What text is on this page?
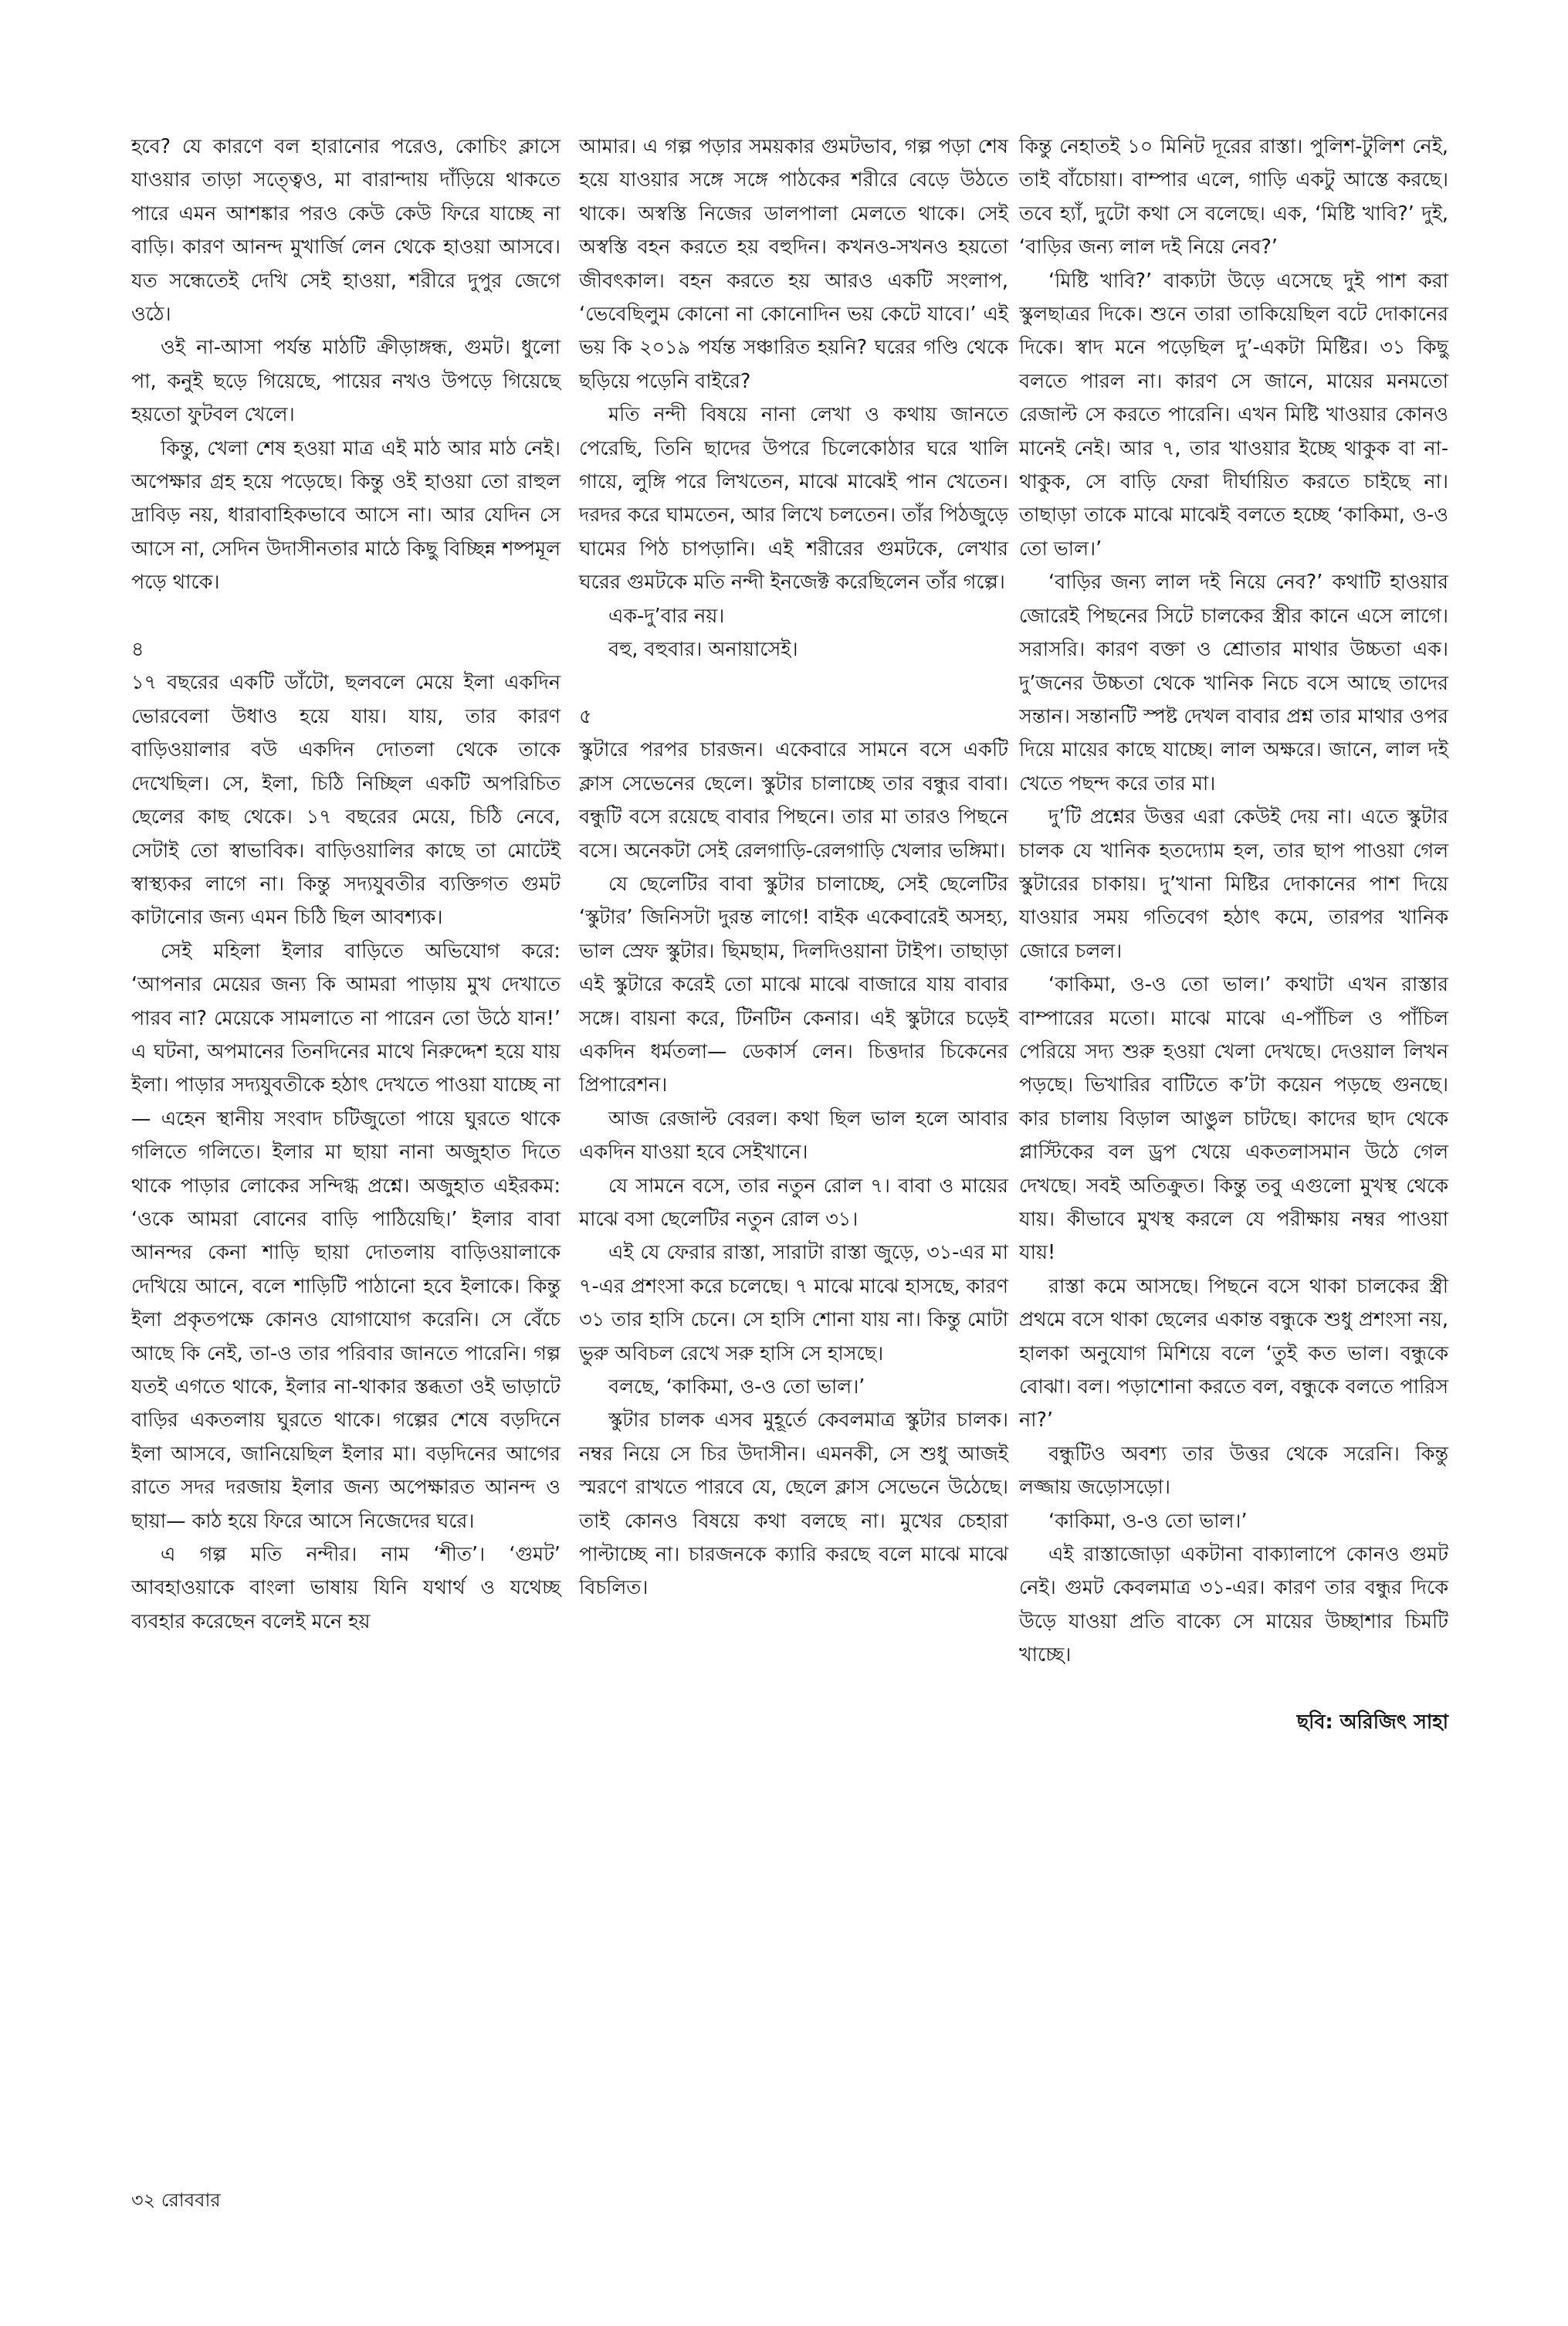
হবে? যে কারণে বল হারানোর পরেও, কোচিং ক্লাসে যাওয়ার তাড়া সত্ত্বেও, মা বারান্দায় দাঁড়িয়ে থাকতে পারে এমন আশঙ্কার পরও কেউ কেউ ফিরে যাচ্ছে না বাড়ি। কারণ আনন্দ মুখার্জি লেন থেকে হাওয়া আসবে। যত সন্ধেতেই দেখি সেই হাওয়া, শরীরে দুপুর জেগে ওঠে।

ওই না-আসা পর্যন্ত মাঠটি ক্রীড়াঙ্গন্ধ, গুমট। ধুলো পা, কনুই ছড়ে গিয়েছে, পায়ের নখও উপড়ে গিয়েছে হয়তো ফুটবল খেলে।

কিন্তু, খেলা শেষ হওয়া মাত্র এই মাঠ আর মাঠ নেই। অপেক্ষার গ্রহ হয়ে পড়েছে। কিন্তু ওই হাওয়া তো রাহুল দ্রাবিড় নয়, ধারাবাহিকভাবে আসে না। আর যেদিন সে আসে না, সেদিন উদাসীনতার মাঠে কিছু বিচ্ছিন্ন শষ্পমূল পড়ে থাকে।

৪

১৭ বছরের একটি ডাঁটো, ছলবলে মেয়ে ইলা একদিন ভোরবেলা উধাও হয়ে যায়। যায়, তার কারণ বাড়িওয়ালার বউ একদিন দোতলা থেকে তাকে দেখেছিল। সে, ইলা, চিঠি নিচ্ছিল একটি অপরিচিত ছেলের কাছ থেকে। ১৭ বছরের মেয়ে, চিঠি নেবে, সেটাই তো স্বাভাবিক। বাড়িওয়ালির কাছে তা মোটেই স্বাস্থ্যকর লাগে না। কিন্তু সদ্যযুবতীর ব্যক্তিগত গুমট কাটানোর জন্য এমন চিঠি ছিল আবশ্যক।

সেই মহিলা ইলার বাড়িতে অভিযোগ করে: ‘আপনার মেয়ের জন্য কি আমরা পাড়ায় মুখ দেখাতে পারব না? মেয়েকে সামলাতে না পারেন তো উঠে যান!’ এ ঘটনা, অপমানের তিনদিনের মাথে নিরুদ্দেশ হয়ে যায় ইলা। পাড়ার সদ্যযুবতীকে হঠাৎ দেখতে পাওয়া যাচ্ছে না— এহেন স্থানীয় সংবাদ চটিজুতো পায়ে ঘুরতে থাকে গলিতে গলিতে। ইলার মা ছায়া নানা অজুহাত দিতে থাকে পাড়ার লোকের সন্দিগ্ধ প্রশ্নে। অজুহাত এইরকম: ‘ওকে আমরা বোনের বাড়ি পাঠিয়েছি।’ ইলার বাবা আনন্দর কেনা শাড়ি ছায়া দোতলায় বাড়িওয়ালাকে দেখিয়ে আনে, বলে শাড়িটি পাঠানো হবে ইলাকে। কিন্তু ইলা প্রকৃতপক্ষে কোনও যোগাযোগ করেনি। সে বেঁচে আছে কি নেই, তা-ও তার পরিবার জানতে পারেনি। গল্প যতই এগতে থাকে, ইলার না-থাকার স্তব্ধতা ওই ভাড়াটে বাড়ির একতলায় ঘুরতে থাকে। গল্পের শেষে বড়দিনে ইলা আসবে, জানিয়েছিল ইলার মা। বড়দিনের আগের রাতে সদর দরজায় ইলার জন্য অপেক্ষারত আনন্দ ও ছায়া— কাঠ হয়ে ফিরে আসে নিজেদের ঘরে।

এ গল্প মতি নন্দীর। নাম ‘শীত’। ‘গুমট’ আবহাওয়াকে বাংলা ভাষায় যিনি যথার্থ ও যথেচ্ছ ব্যবহার করেছেন বলেই মনে হয়

আমার। এ গল্প পড়ার সময়কার গুমটভাব, গল্প পড়া শেষ হয়ে যাওয়ার সঙ্গে সঙ্গে পাঠকের শরীরে বেড়ে উঠতে থাকে। অস্বস্তি নিজের ডালপালা মেলতে থাকে। সেই অস্বস্তি বহন করতে হয় বহুদিন। কখনও-সখনও হয়তো জীবৎকাল। বহন করতে হয় আরও একটি সংলাপ, ‘ভেবেছিলুম কোনো না কোনোদিন ভয় কেটে যাবে।’ এই ভয় কি ২০১৯ পর্যন্ত সঞ্চারিত হয়নি? ঘরের গণ্ডি থেকে ছড়িয়ে পড়েনি বাইরে?

মতি নন্দী বিষয়ে নানা লেখা ও কথায় জানতে পেরেছি, তিনি ছাদের উপরে চিলেকোঠার ঘরে খালি গায়ে, লুঙ্গি পরে লিখতেন, মাঝে মাঝেই পান খেতেন। দরদর করে ঘামতেন, আর লিখে চলতেন। তাঁর পিঠজুড়ে ঘামের পিঠ চাপড়ানি। এই শরীরের গুমটকে, লেখার ঘরের গুমটকে মতি নন্দী ইনজেক্ট করেছিলেন তাঁর গল্পে।

এক-দু’বার নয়।

বহু, বহুবার। অনায়াসেই।

৫

স্কুটারে পরপর চারজন। একেবারে সামনে বসে একটি ক্লাস সেভেনের ছেলে। স্কুটার চালাচ্ছে তার বন্ধুর বাবা। বন্ধুটি বসে রয়েছে বাবার পিছনে। তার মা তারও পিছনে বসে। অনেকটা সেই রেলগাড়ি-রেলগাড়ি খেলার ভঙ্গিমা।

যে ছেলেটির বাবা স্কুটার চালাচ্ছে, সেই ছেলেটির ‘স্কুটার’ জিনিসটা দুরন্ত লাগে! বাইক একেবারেই অসহ্য, ভাল স্রেফ স্কুটার। ছিমছাম, দিলদিওয়ানা টাইপ। তাছাড়া এই স্কুটারে করেই তো মাঝে মাঝে বাজারে যায় বাবার সঙ্গে। বায়না করে, টিনটিন কেনার। এই স্কুটারে চড়েই একদিন ধর্মতলা— ডেকার্স লেন। চিত্তদার চিকেনের প্রিপারেশন।

আজ রেজাল্ট বেরল। কথা ছিল ভাল হলে আবার একদিন যাওয়া হবে সেইখানে।

যে সামনে বসে, তার নতুন রোল ৭। বাবা ও মায়ের মাঝে বসা ছেলেটির নতুন রোল ৩১।

এই যে ফেরার রাস্তা, সারাটা রাস্তা জুড়ে, ৩১-এর মা ৭-এর প্রশংসা করে চলেছে। ৭ মাঝে মাঝে হাসছে, কারণ ৩১ তার হাসি চেনে। সে হাসি শোনা যায় না। কিন্তু মোটা ভুরু অবিচল রেখে সরু হাসি সে হাসছে।

বলছে, ‘কাকিমা, ও-ও তো ভাল।’

স্কুটার চালক এসব মুহূর্তে কেবলমাত্র স্কুটার চালক। নম্বর নিয়ে সে চির উদাসীন। এমনকী, সে শুধু আজই স্মরণে রাখতে পারবে যে, ছেলে ক্লাস সেভেনে উঠেছে। তাই কোনও বিষয়ে কথা বলছে না। মুখের চেহারা পাল্টাচ্ছে না। চারজনকে ক্যারি করছে বলে মাঝে মাঝে বিচলিত।

কিন্তু নেহাতই ১০ মিনিট দূরের রাস্তা। পুলিশ-টুলিশ নেই, তাই বাঁচোয়া। বাম্পার এলে, গাড়ি একটু আস্তে করছে। তবে হ্যাঁ, দুটো কথা সে বলেছে। এক, ‘মিষ্টি খাবি?’ দুই, ‘বাড়ির জন্য লাল দই নিয়ে নেব?’

‘মিষ্টি খাবি?’ বাক্যটা উড়ে এসেছে দুই পাশ করা স্কুলছাত্রর দিকে। শুনে তারা তাকিয়েছিল বটে দোকানের দিকে। স্বাদ মনে পড়েছিল দু’-একটা মিষ্টির। ৩১ কিছু বলতে পারল না। কারণ সে জানে, মায়ের মনমতো রেজাল্ট সে করতে পারেনি। এখন মিষ্টি খাওয়ার কোনও মানেই নেই। আর ৭, তার খাওয়ার ইচ্ছে থাকুক বা না-থাকুক, সে বাড়ি ফেরা দীর্ঘায়িত করতে চাইছে না। তাছাড়া তাকে মাঝে মাঝেই বলতে হচ্ছে ‘কাকিমা, ও-ও তো ভাল।’

‘বাড়ির জন্য লাল দই নিয়ে নেব?’ কথাটি হাওয়ার জোরেই পিছনের সিটে চালকের স্ত্রীর কানে এসে লাগে। সরাসরি। কারণ বক্তা ও শ্রোতার মাথার উচ্চতা এক। দু’জনের উচ্চতা থেকে খানিক নিচে বসে আছে তাদের সন্তান। সন্তানটি স্পষ্ট দেখল বাবার প্রশ্ন তার মাথার ওপর দিয়ে মায়ের কাছে যাচ্ছে। লাল অক্ষরে। জানে, লাল দই খেতে পছন্দ করে তার মা।

দু’টি প্রশ্নের উত্তর এরা কেউই দেয় না। এতে স্কুটার চালক যে খানিক হতদ্যোম হল, তার ছাপ পাওয়া গেল স্কুটারের চাকায়। দু’খানা মিষ্টির দোকানের পাশ দিয়ে যাওয়ার সময় গতিবেগ হঠাৎ কমে, তারপর খানিক জোরে চলল।

‘কাকিমা, ও-ও তো ভাল।’ কথাটা এখন রাস্তার বাম্পারের মতো। মাঝে মাঝে এ-পাঁচিল ও পাঁচিল পেরিয়ে সদ্য শুরু হওয়া খেলা দেখছে। দেওয়াল লিখন পড়ছে। ভিখারির বাটিতে ক’টা কয়েন পড়ছে গুনছে। কার চালায় বিড়াল আঙুল চাটছে। কাদের ছাদ থেকে প্লাস্টিকের বল ড্রপ খেয়ে একতলাসমান উঠে গেল দেখছে। সবই অতিক্রুত। কিন্তু তবু এগুলো মুখস্থ থেকে যায়। কীভাবে মুখস্থ করলে যে পরীক্ষায় নম্বর পাওয়া যায়!

রাস্তা কমে আসছে। পিছনে বসে থাকা চালকের স্ত্রী প্রথমে বসে থাকা ছেলের একান্ত বন্ধুকে শুধু প্রশংসা নয়, হালকা অনুযোগ মিশিয়ে বলে ‘তুই কত ভাল। বন্ধুকে বোঝা। বল। পড়াশোনা করতে বল, বন্ধুকে বলতে পারিস না?’

বন্ধুটিও অবশ্য তার উত্তর থেকে সরেনি। কিন্তু লজ্জায় জড়োসড়ো।

‘কাকিমা, ও-ও তো ভাল।’

এই রাস্তাজোড়া একটানা বাক্যালাপে কোনও গুমট নেই। গুমট কেবলমাত্র ৩১-এর। কারণ তার বন্ধুর দিকে উড়ে যাওয়া প্রতি বাক্যে সে মায়ের উচ্ছাশার চিমটি খাচ্ছে।

ছবি: অরিজিৎ সাহা

৩২ রোববার
